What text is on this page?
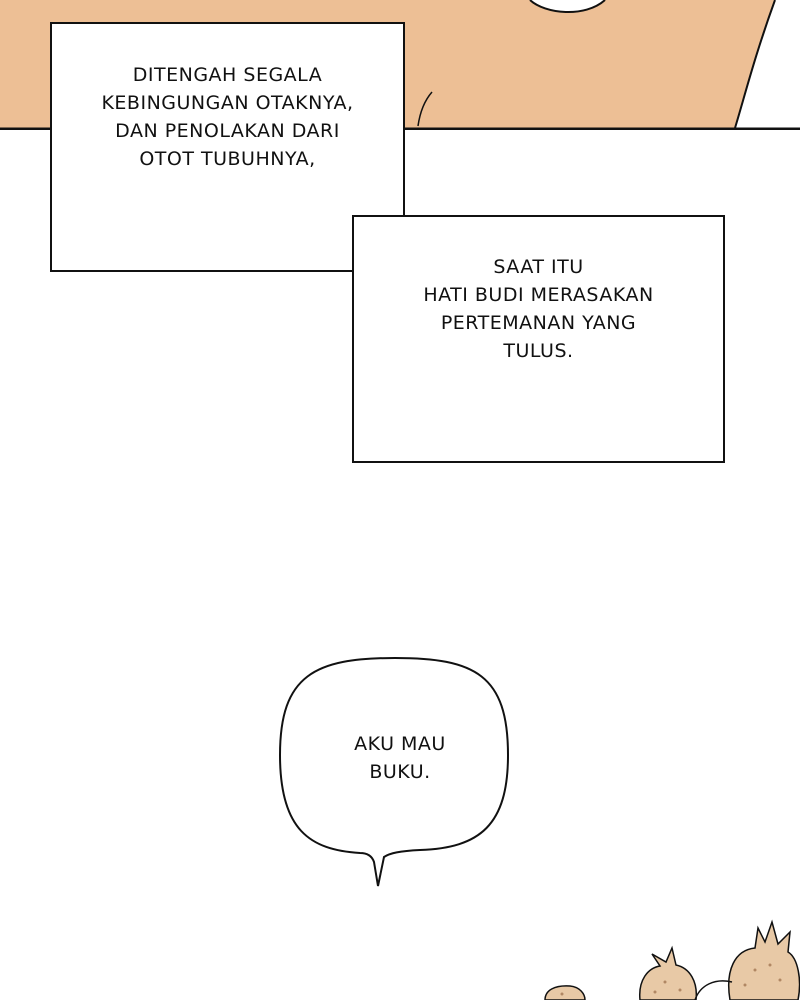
DITENGAH SEGALA
KEBINGUNGAN OTAKNYA,
DAN PENOLAKAN DARI
OTOT TUBUHNYA,
SAAT ITU
HATI BUDI MERASAKAN
PERTEMANAN YANG
TULUS.
AKU MAU
BUKU.
